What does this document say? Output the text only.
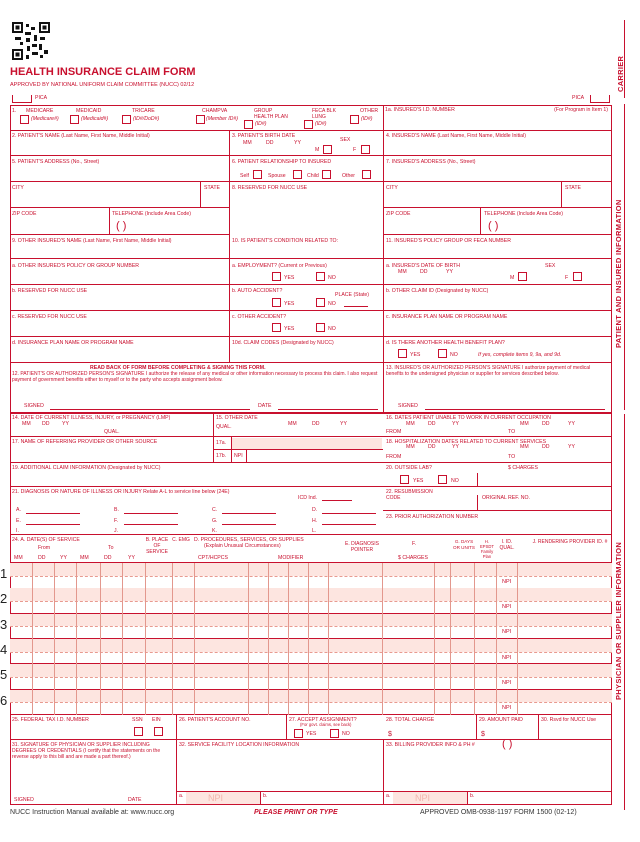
CARRIER
PATIENT AND INSURED INFORMATION
PHYSICIAN OR SUPPLIER INFORMATION
HEALTH INSURANCE CLAIM FORM
APPROVED BY NATIONAL UNIFORM CLAIM COMMITTEE (NUCC) 02/12
PICA	PICA
1. MEDICARE
(Medicare#)
MEDICAID
(Medicaid#)
TRICARE
(ID#/DoD#)
CHAMPVA
(Member ID#)
GROUP HEALTH PLAN
(ID#)
FECA BLK LUNG
(ID#)
OTHER
(ID#)
1a. INSURED'S I.D. NUMBER	(For Program in Item 1)
2. PATIENT'S NAME (Last Name, First Name, Middle Initial)	3. PATIENT'S BIRTH DATE
SEX
MM	DD	YY
M	F
4. INSURED'S NAME (Last Name, First Name, Middle Initial)
5. PATIENT'S ADDRESS (No., Street)	6. PATIENT RELATIONSHIP TO INSURED
Self	Spouse	Child	Other
7. INSURED'S ADDRESS (No., Street)
CITY	STATE 8. RESERVED FOR NUCC USE	CITY	STATE
ZIP CODE	TELEPHONE (Include Area Code)
( )
ZIP CODE	TELEPHONE (Include Area Code)
( )
9. OTHER INSURED'S NAME (Last Name, First Name, Middle Initial)	10. IS PATIENT'S CONDITION RELATED TO:	11. INSURED'S POLICY GROUP OR FECA NUMBER
a. OTHER INSURED'S POLICY OR GROUP NUMBER	a. EMPLOYMENT? (Current or Previous)
YES	NO
a. INSURED'S DATE OF BIRTH
MM	DD	YY
SEX
M	F
b. RESERVED FOR NUCC USE	b. AUTO ACCIDENT?
PLACE (State)
YES	NO
b. OTHER CLAIM ID (Designated by NUCC)
c. RESERVED FOR NUCC USE	c. OTHER ACCIDENT?
YES	NO
c. INSURANCE PLAN NAME OR PROGRAM NAME
d. INSURANCE PLAN NAME OR PROGRAM NAME	10d. CLAIM CODES (Designated by NUCC)	d. IS THERE ANOTHER HEALTH BENEFIT PLAN?
YES	NO	If yes, complete items 9, 9a, and 9d.
READ BACK OF FORM BEFORE COMPLETING & SIGNING THIS FORM.
12. PATIENT'S OR AUTHORIZED PERSON'S SIGNATURE I authorize the release of any medical or other information necessary to process this claim. I also request payment of government benefits either to myself or to the party who accepts assignment below.
13. INSURED'S OR AUTHORIZED PERSON'S SIGNATURE I authorize payment of medical benefits to the undersigned physician or supplier for services described below.
SIGNED	DATE	SIGNED
14. DATE OF CURRENT ILLNESS, INJURY, or PREGNANCY (LMP)
MM DD YY
QUAL.
15. OTHER DATE
QUAL.	MM	DD	YY
16. DATES PATIENT UNABLE TO WORK IN CURRENT OCCUPATION
MM	DD	YY	MM	DD	YY
FROM	TO
17. NAME OF REFERRING PROVIDER OR OTHER SOURCE	17a.
17b. NPI
18. HOSPITALIZATION DATES RELATED TO CURRENT SERVICES
MM	DD	YY	MM	DD	YY
FROM	TO
19. ADDITIONAL CLAIM INFORMATION (Designated by NUCC)	20. OUTSIDE LAB?	$ CHARGES
YES	NO
21. DIAGNOSIS OR NATURE OF ILLNESS OR INJURY Relate A-L to service line below (24E)
ICD Ind.
22. RESUBMISSION CODE	ORIGINAL REF. NO.
23. PRIOR AUTHORIZATION NUMBER
A.	B.	C.	D.
E.	F.	G.	H.
I.	J.	K.	L.
24. A. DATE(S) OF SERVICE
From	To
MM	DD	YY	MM	DD	YY
B. PLACE OF SERVICE
C. EMG D. PROCEDURES, SERVICES, OR SUPPLIES
(Explain Unusual Circumstances)
CPT/HCPCS	MODIFIER
E. DIAGNOSIS POINTER
F.
$ CHARGES
G. DAYS OR UNITS
H. EPSDT Family Plan
I. ID. QUAL.
J. RENDERING PROVIDER ID. #
NPI
NPI
NPI
NPI
NPI
NPI
25. FEDERAL TAX I.D. NUMBER	SSN EIN	26. PATIENT'S ACCOUNT NO.	27. ACCEPT ASSIGNMENT?
(For govt. claims, see back)
YES	NO
28. TOTAL CHARGE
$
29. AMOUNT PAID
$
30. Rsvd for NUCC Use
31. SIGNATURE OF PHYSICIAN OR SUPPLIER INCLUDING DEGREES OR CREDENTIALS (I certify that the statements on the reverse apply to this bill and are made a part thereof.)
32. SERVICE FACILITY LOCATION INFORMATION	33. BILLING PROVIDER INFO & PH # ( )
SIGNED	DATE
a.	NPI	b.	a.	NPI	b.
NUCC Instruction Manual available at: www.nucc.org	PLEASE PRINT OR TYPE	APPROVED OMB-0938-1197 FORM 1500 (02-12)
1
2
3
4
5
6
